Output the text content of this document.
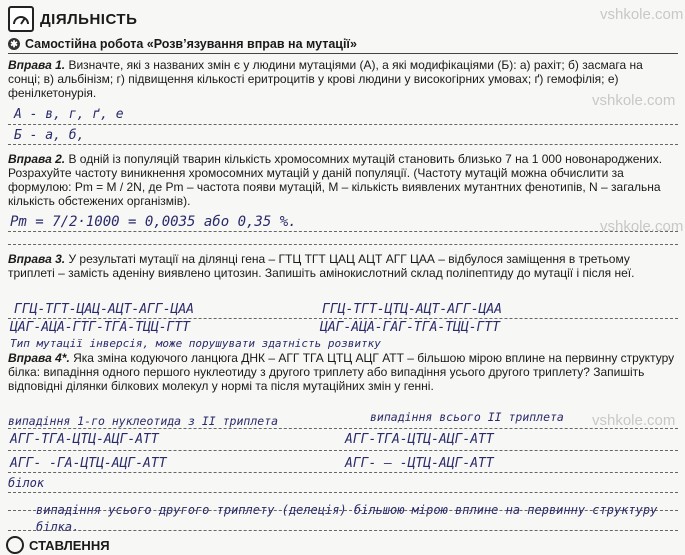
ДІЯЛЬНІСТЬ	vshkole.com
vshkole.com
vshkole.com
vshkole.com
✱ Самостійна робота «Розв’язування вправ на мутації»
Вправа 1. Визначте, які з названих змін є у людини мутаціями (А), а які модифікаціями (Б): а) рахіт; б) засмага на сонці; в) альбінізм; г) підвищення кількості еритроцитів у крові людини у високогірних умовах; ґ) гемофілія; е) фенілкетонурія.
А - в, г, ґ, е
Б - а, б,
Вправа 2. В одній із популяцій тварин кількість хромосомних мутацій становить близько 7 на 1 000 новонароджених. Розрахуйте частоту виникнення хромосомних мутацій у даній популяції. (Частоту мутацій можна обчислити за формулою: Pm = M / 2N, де Pm – частота появи мутацій, M – кількість виявлених мутантних фенотипів, N – загальна кількість обстежених організмів).
Pm = 7/2·1000 = 0,0035 або 0,35 %.
Вправа 3. У результаті мутації на ділянці гена – ГТЦ ТГТ ЦАЦ АЦТ АГГ ЦАА – відбулося заміщення в третьому триплеті – замість аденіну виявлено цитозин. Запишіть амінокислотний склад поліпептиду до мутації і після неї.
ГГЦ-ТГТ-ЦАЦ-АЦТ-АГГ-ЦАА	ГГЦ-ТГТ-ЦТЦ-АЦТ-АГГ-ЦАА
ЦАГ-АЦА-ГТГ-ТГА-ТЦЦ-ГТТ	ЦАГ-АЦА-ГАГ-ТГА-ТЦЦ-ГТТ
Тип мутації інверсія, може порушувати здатність розвитку
Вправа 4*. Яка зміна кодуючого ланцюга ДНК – АГГ ТГА ЦТЦ АЦГ АТТ – більшою мірою вплине на первинну структуру білка: випадіння одного першого нуклеотиду з другого триплету або випадіння усього другого триплету? Запишіть відповідні ділянки білкових молекул у нормі та після мутаційних змін у генні.
випадіння 1-го нуклеотида з II триплета	випадіння всього II триплета
АГГ-ТГА-ЦТЦ-АЦГ-АТТ	АГГ-ТГА-ЦТЦ-АЦГ-АТТ
АГГ- -ГА-ЦТЦ-АЦГ-АТТ	АГГ- — -ЦТЦ-АЦГ-АТТ
білок
випадіння усього другого триплету (делеція) більшою мірою вплине на первинну структуру білка.
СТАВЛЕННЯ
